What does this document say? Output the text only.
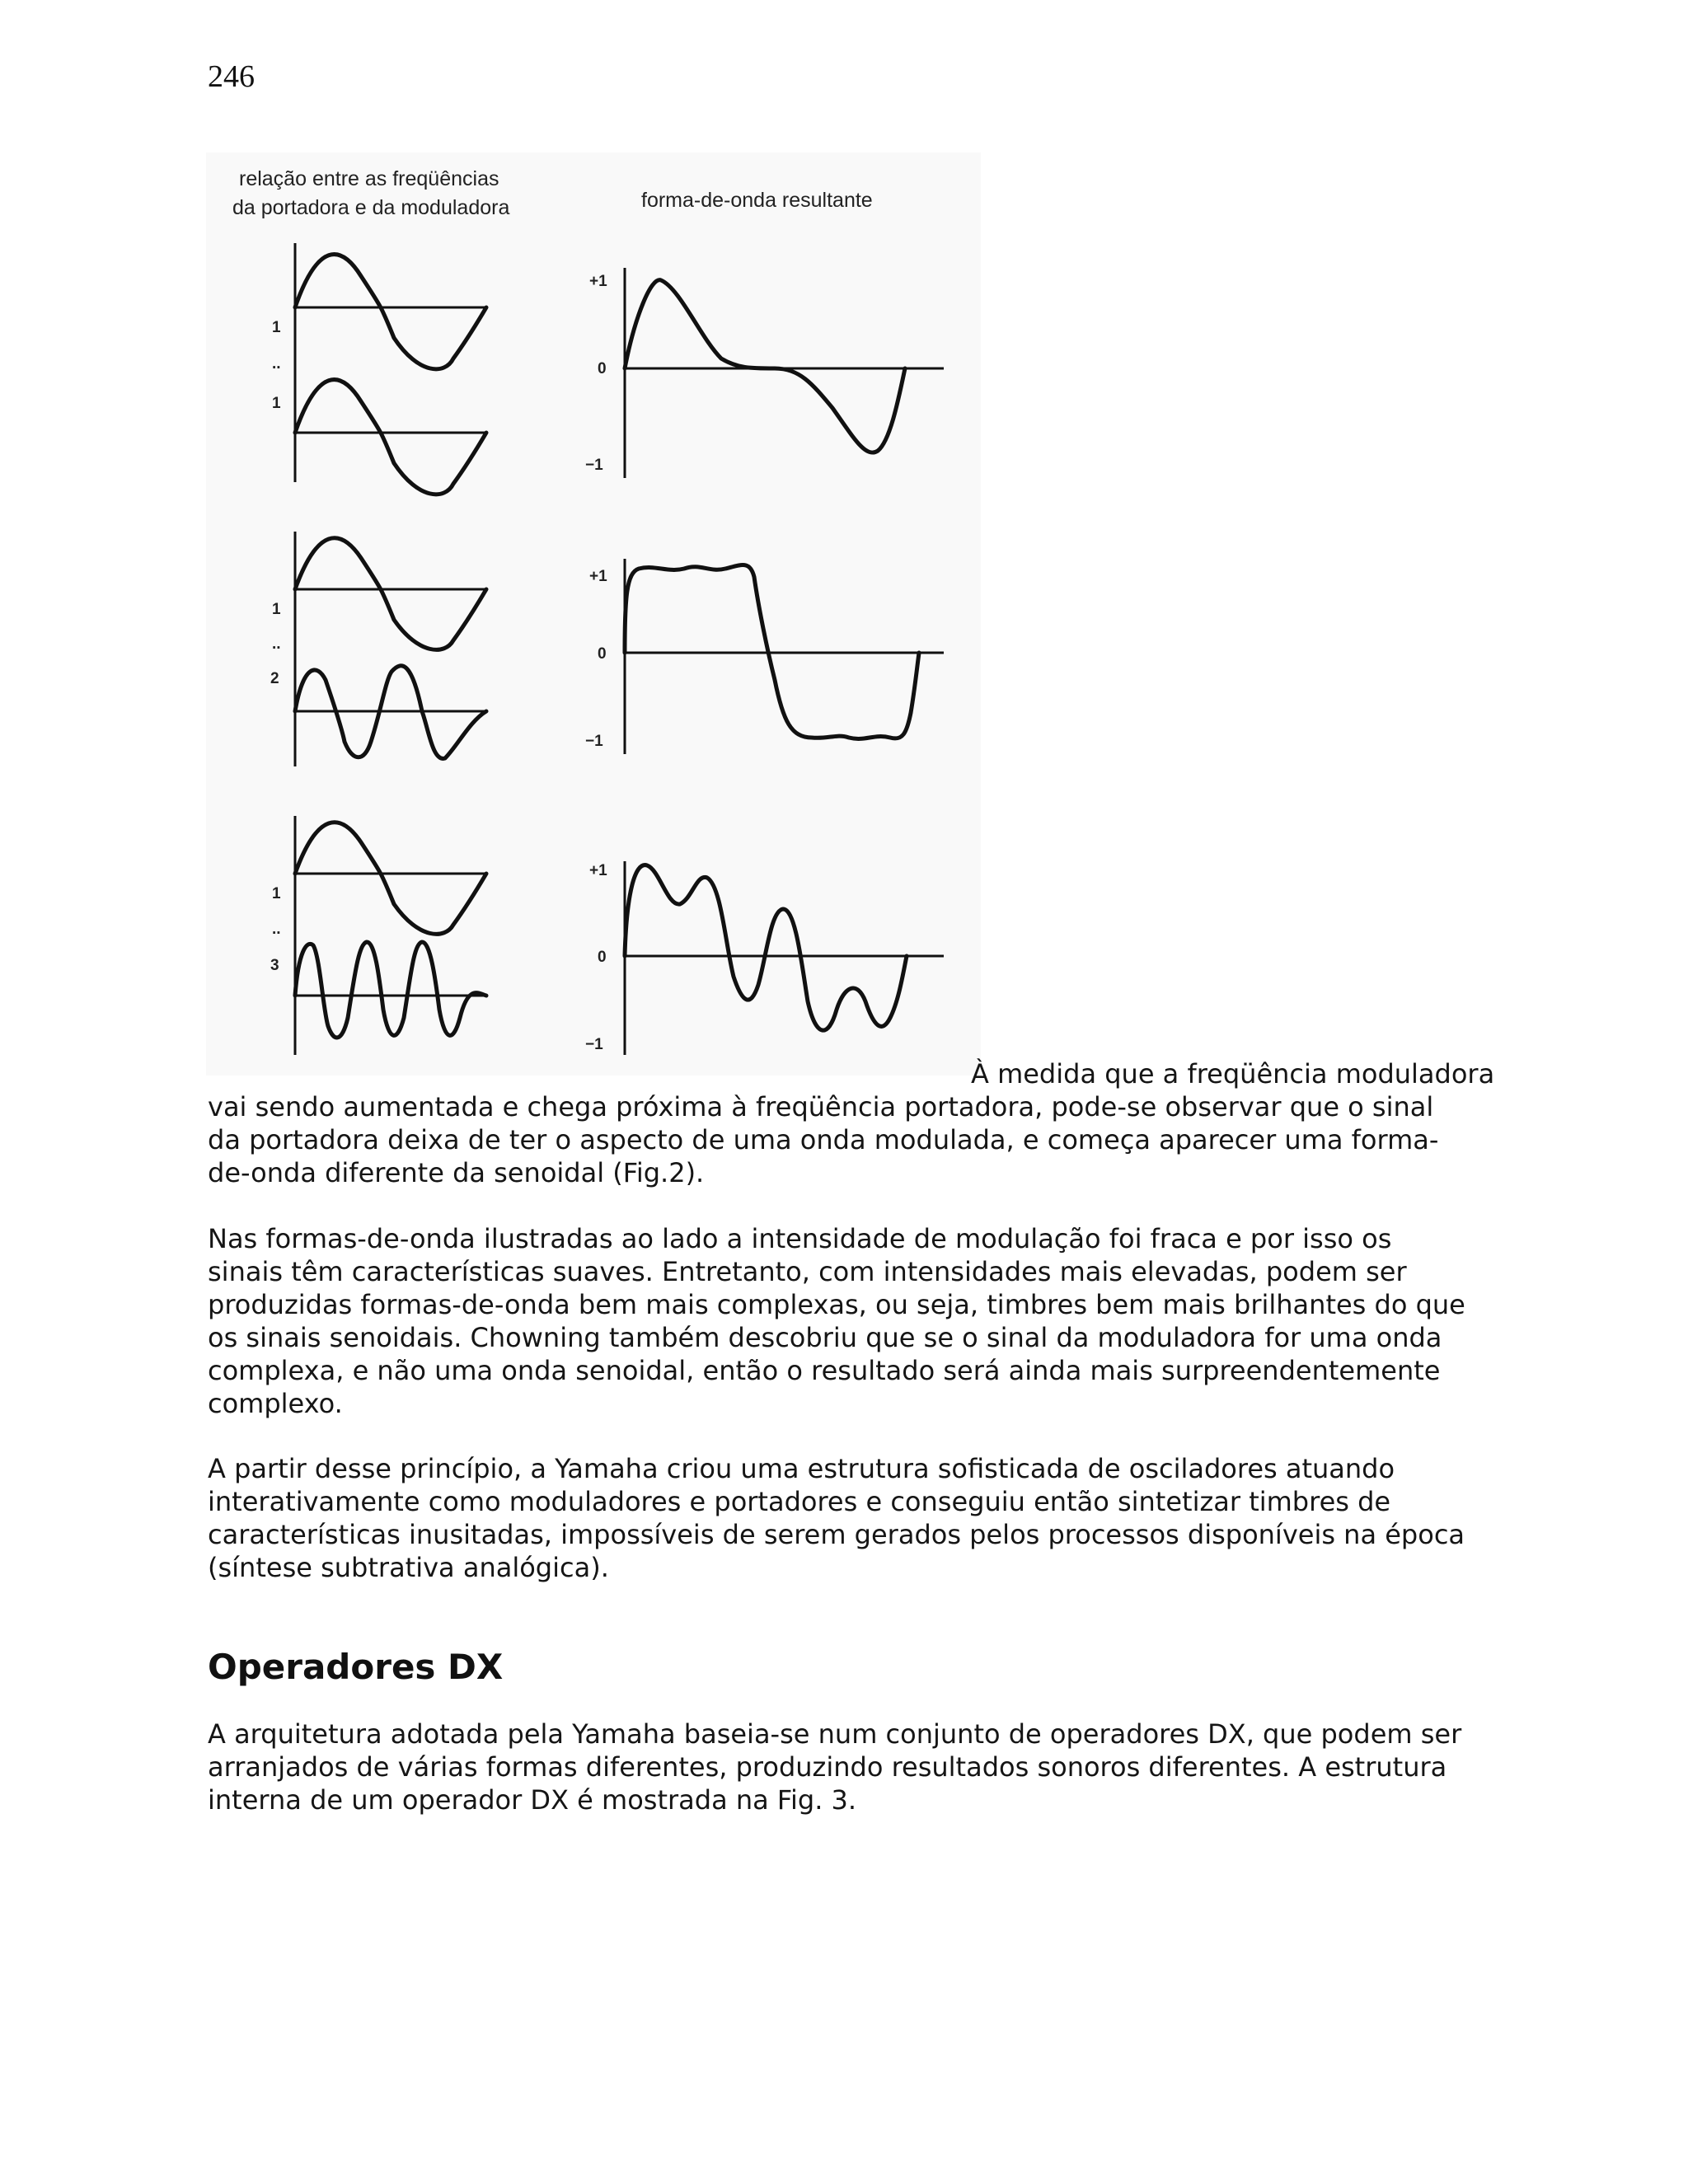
246
relação entre as freqüências
da portadora e da moduladora	forma-de-onda resultante
1
..
1
+1
0
−1
1
..
2
+1
0
−1
1
..
3
+1
0
−1

À medida que a freqüência moduladora
vai sendo aumentada e chega próxima à freqüência portadora, pode-se observar que o sinal
da portadora deixa de ter o aspecto de uma onda modulada, e começa aparecer uma forma-
de-onda diferente da senoidal (Fig.2).

Nas formas-de-onda ilustradas ao lado a intensidade de modulação foi fraca e por isso os
sinais têm características suaves. Entretanto, com intensidades mais elevadas, podem ser
produzidas formas-de-onda bem mais complexas, ou seja, timbres bem mais brilhantes do que
os sinais senoidais. Chowning também descobriu que se o sinal da moduladora for uma onda
complexa, e não uma onda senoidal, então o resultado será ainda mais surpreendentemente
complexo.

A partir desse princípio, a Yamaha criou uma estrutura sofisticada de osciladores atuando
interativamente como moduladores e portadores e conseguiu então sintetizar timbres de
características inusitadas, impossíveis de serem gerados pelos processos disponíveis na época
(síntese subtrativa analógica).

Operadores DX

A arquitetura adotada pela Yamaha baseia-se num conjunto de operadores DX, que podem ser
arranjados de várias formas diferentes, produzindo resultados sonoros diferentes. A estrutura
interna de um operador DX é mostrada na Fig. 3.
